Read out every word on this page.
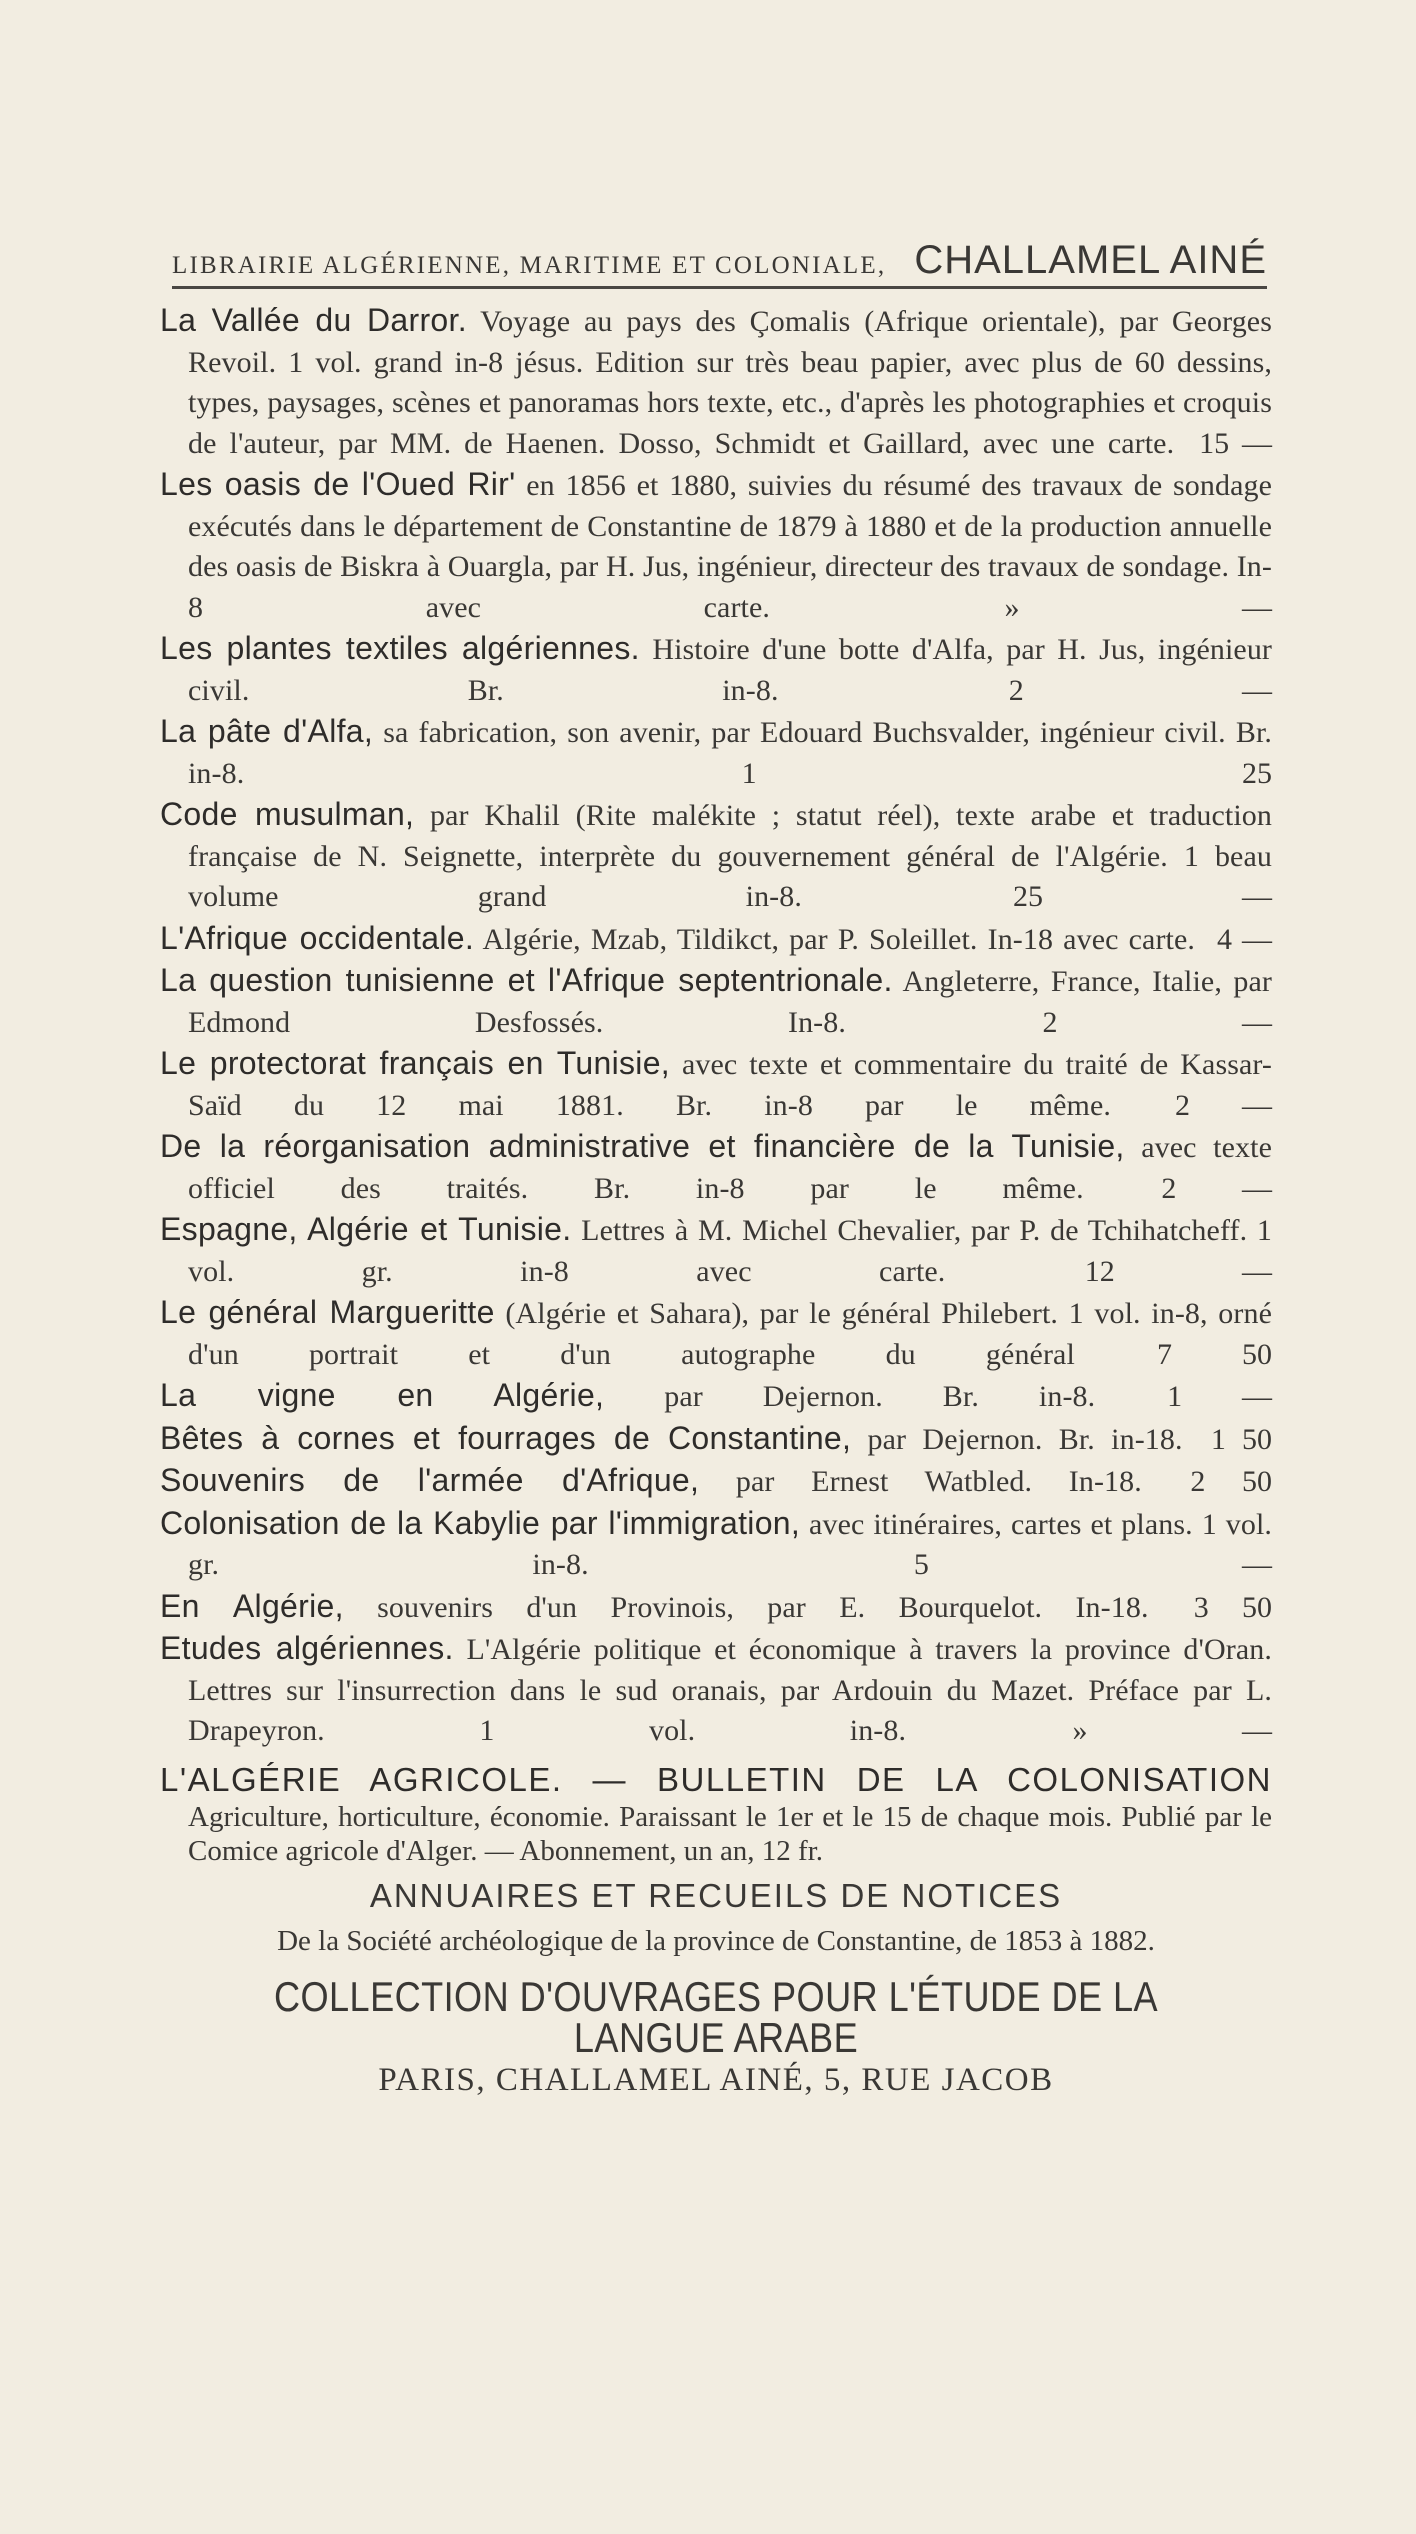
LIBRAIRIE ALGÉRIENNE, MARITIME ET COLONIALE, CHALLAMEL AINÉ
La Vallée du Darror. Voyage au pays des Çomalis (Afrique orientale), par Georges Revoil. 1 vol. grand in-8 jésus. Edition sur très beau papier, avec plus de 60 dessins, types, paysages, scènes et panoramas hors texte, etc., d'après les photographies et croquis de l'auteur, par MM. de Haenen. Dosso, Schmidt et Gaillard, avec une carte. 15 —
Les oasis de l'Oued Rir' en 1856 et 1880, suivies du résumé des travaux de sondage exécutés dans le département de Constantine de 1879 à 1880 et de la production annuelle des oasis de Biskra à Ouargla, par H. Jus, ingénieur, directeur des travaux de sondage. In-8 avec carte.	» —
Les plantes textiles algériennes. Histoire d'une botte d'Alfa, par H. Jus, ingénieur civil. Br. in-8.	2 —
La pâte d'Alfa, sa fabrication, son avenir, par Edouard Buchsvalder, ingénieur civil. Br. in-8.	1 25
Code musulman, par Khalil (Rite malékite ; statut réel), texte arabe et traduction française de N. Seignette, interprète du gouvernement général de l'Algérie. 1 beau volume grand in-8.	25 —
L'Afrique occidentale. Algérie, Mzab, Tildikct, par P. Soleillet. In-18 avec carte. 4 —
La question tunisienne et l'Afrique septentrionale. Angleterre, France, Italie, par Edmond Desfossés. In-8.	2 —
Le protectorat français en Tunisie, avec texte et commentaire du traité de Kassar-Saïd du 12 mai 1881. Br. in-8 par le même. 2 —
De la réorganisation administrative et financière de la Tunisie, avec texte officiel des traités. Br. in-8 par le même.	2 —
Espagne, Algérie et Tunisie. Lettres à M. Michel Chevalier, par P. de Tchihatcheff. 1 vol. gr. in-8 avec carte.	12 —
Le général Margueritte (Algérie et Sahara), par le général Philebert. 1 vol. in-8, orné d'un portrait et d'un autographe du général	7 50
La vigne en Algérie, par Dejernon. Br. in-8. 1 —
Bêtes à cornes et fourrages de Constantine, par Dejernon. Br. in-18. 1 50
Souvenirs de l'armée d'Afrique, par Ernest Watbled. In-18. 2 50
Colonisation de la Kabylie par l'immigration, avec itinéraires, cartes et plans. 1 vol. gr. in-8.	5 —
En Algérie, souvenirs d'un Provinois, par E. Bourquelot. In-18. 3 50
Etudes algériennes. L'Algérie politique et économique à travers la province d'Oran. Lettres sur l'insurrection dans le sud oranais, par Ardouin du Mazet. Préface par L. Drapeyron. 1 vol. in-8.	» —
L'ALGÉRIE AGRICOLE. — BULLETIN DE LA COLONISATION
Agriculture, horticulture, économie. Paraissant le 1er et le 15 de chaque mois. Publié par le Comice agricole d'Alger. — Abonnement, un an, 12 fr.
ANNUAIRES ET RECUEILS DE NOTICES
De la Société archéologique de la province de Constantine, de 1853 à 1882.
COLLECTION D'OUVRAGES POUR L'ÉTUDE DE LA LANGUE ARABE
PARIS, CHALLAMEL AINÉ, 5, RUE JACOB
